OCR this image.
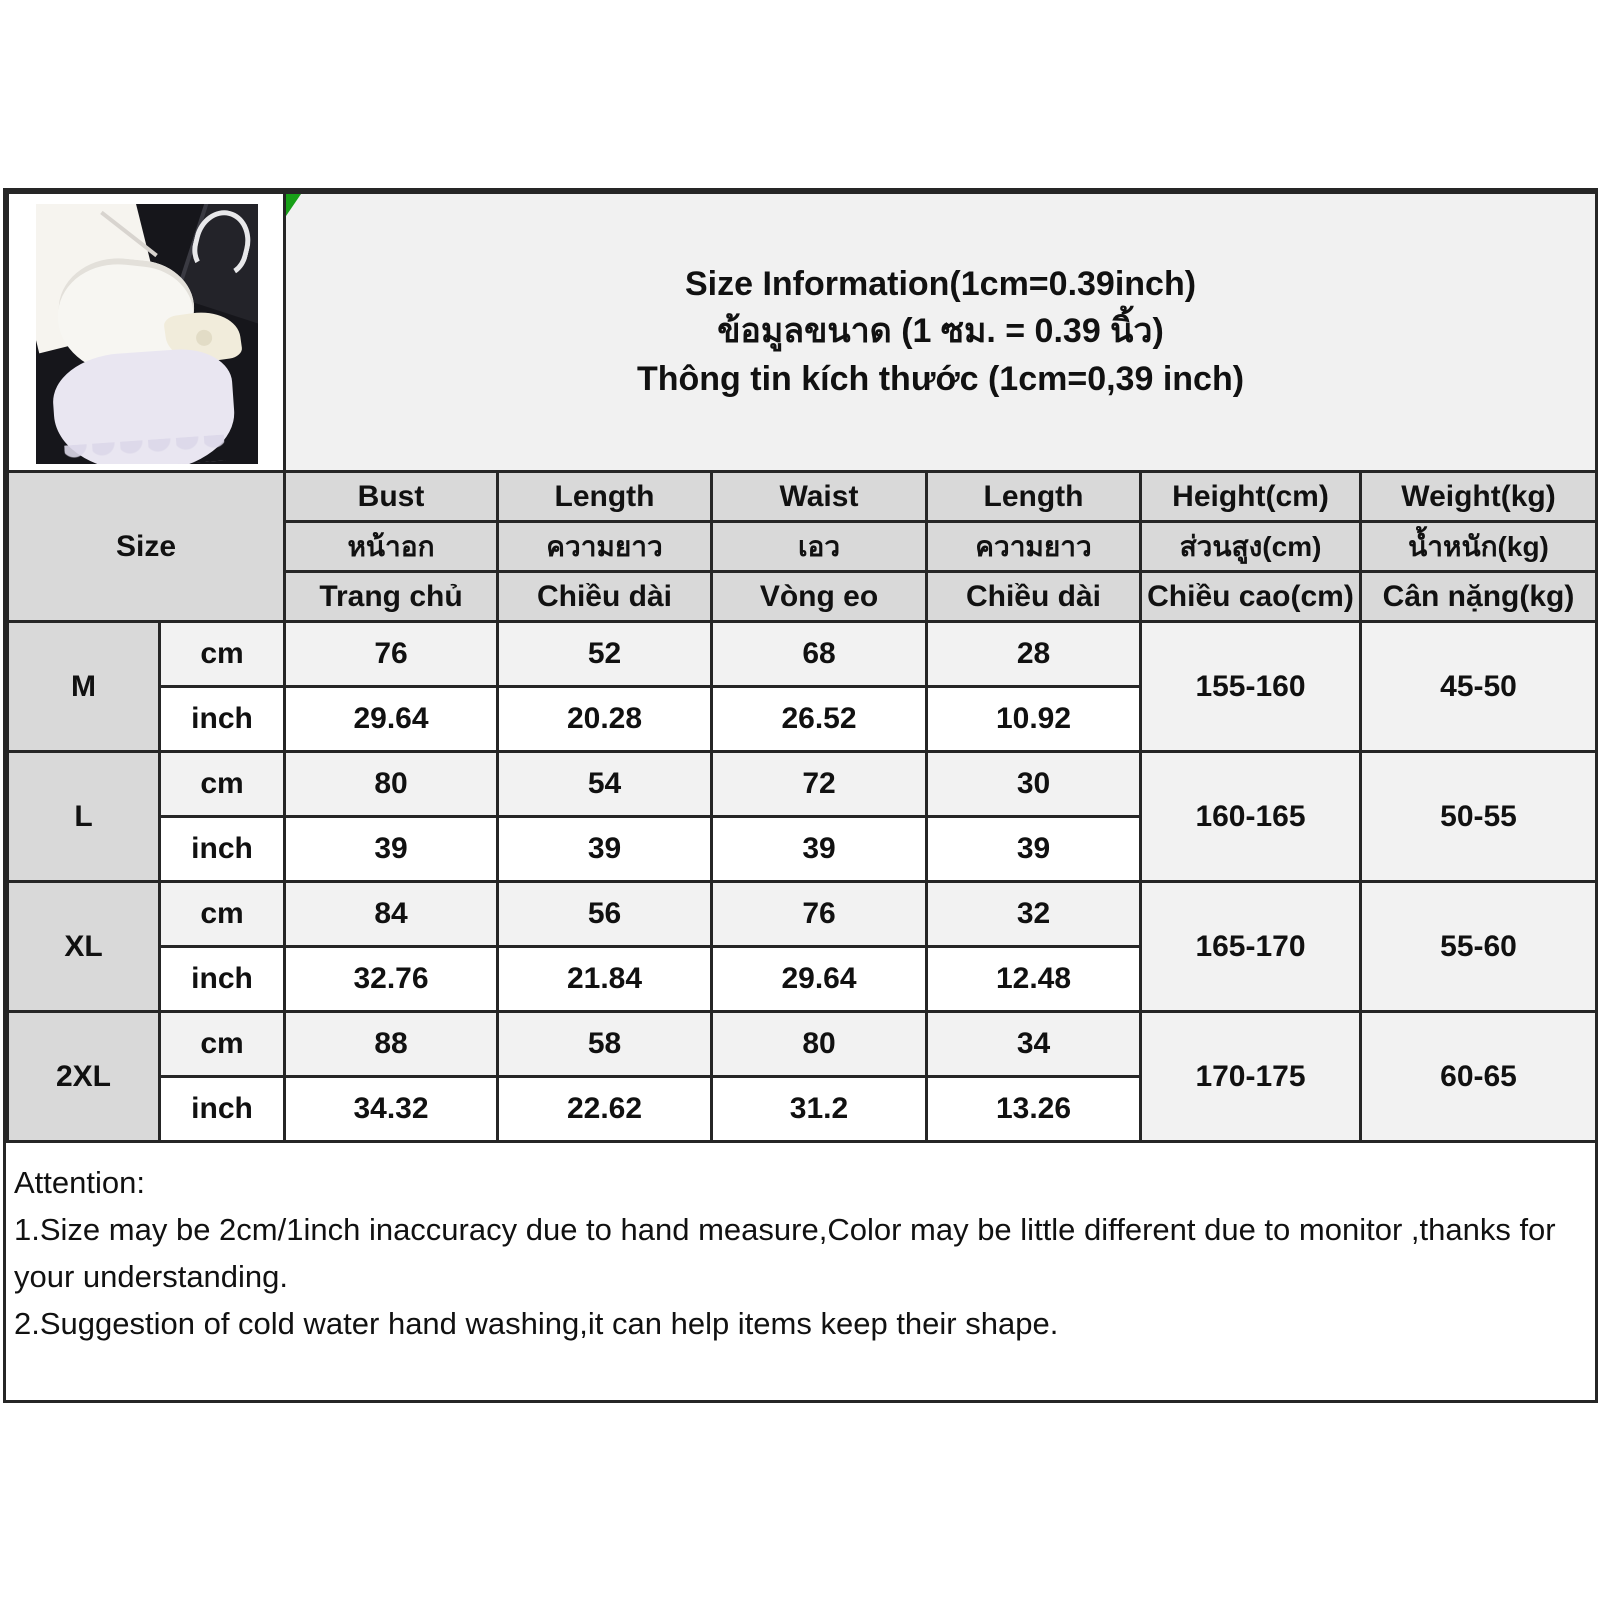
		Size Information(1cm=0.39inch)
ข้อมูลขนาด (1 ซม. = 0.39 นิ้ว)
Thông tin kích thước (1cm=0,39 inch)					

Size		Bust	Length	Waist	Length	Height(cm)	Weight(kg)
		หน้าอก	ความยาว	เอว	ความยาว	ส่วนสูง(cm)	น้ำหนัก(kg)
		Trang chủ	Chiều dài	Vòng eo	Chiều dài	Chiều cao(cm)	Cân nặng(kg)
M	cm	76	52	68	28	155-160	45-50
	inch	29.64	20.28	26.52	10.92		
L	cm	80	54	72	30	160-165	50-55
	inch	39	39	39	39		
XL	cm	84	56	76	32	165-170	55-60
	inch	32.76	21.84	29.64	12.48		
2XL	cm	88	58	80	34	170-175	60-65
	inch	34.32	22.62	31.2	13.26		
Attention:
1.Size may be 2cm/1inch inaccuracy due to hand measure,Color may be little different due to monitor ,thanks for your understanding.
2.Suggestion of cold water hand washing,it can help items keep their shape.
